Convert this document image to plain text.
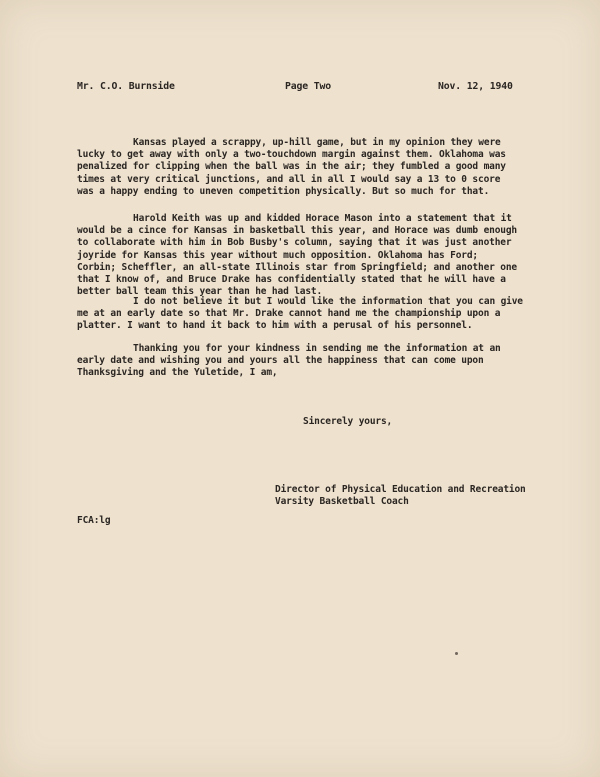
Mr. C.O. Burnside	Page Two	Nov. 12, 1940
Kansas played a scrappy, up-hill game, but in my opinion they were
lucky to get away with only a two-touchdown margin against them. Oklahoma was
penalized for clipping when the ball was in the air; they fumbled a good many
times at very critical junctions, and all in all I would say a 13 to 0 score
was a happy ending to uneven competition physically. But so much for that.
Harold Keith was up and kidded Horace Mason into a statement that it
would be a cince for Kansas in basketball this year, and Horace was dumb enough
to collaborate with him in Bob Busby's column, saying that it was just another
joyride for Kansas this year without much opposition. Oklahoma has Ford;
Corbin; Scheffler, an all-state Illinois star from Springfield; and another one
that I know of, and Bruce Drake has confidentially stated that he will have a
better ball team this year than he had last.
I do not believe it but I would like the information that you can give
me at an early date so that Mr. Drake cannot hand me the championship upon a
platter. I want to hand it back to him with a perusal of his personnel.
Thanking you for your kindness in sending me the information at an
early date and wishing you and yours all the happiness that can come upon
Thanksgiving and the Yuletide, I am,
Sincerely yours,
Director of Physical Education and Recreation
Varsity Basketball Coach
FCA:lg
